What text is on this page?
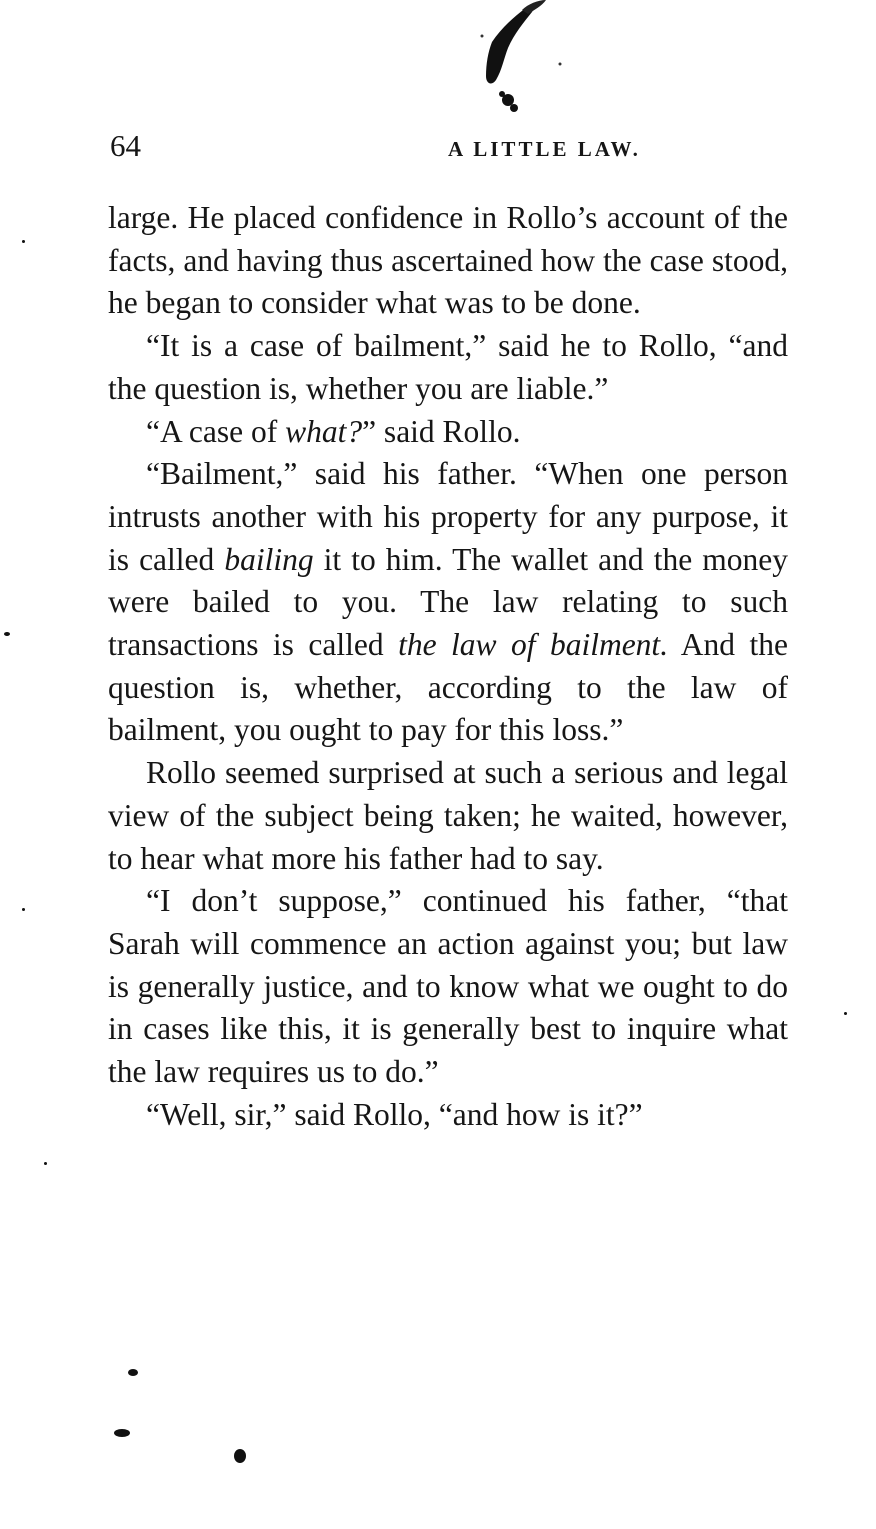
64	A LITTLE LAW.

large. He placed confidence in Rollo’s account of the facts, and having thus ascertained how the case stood, he began to consider what was to be done.

“It is a case of bailment,” said he to Rollo, “and the question is, whether you are liable.”

“A case of what?” said Rollo.

“Bailment,” said his father. “When one person intrusts another with his property for any purpose, it is called bailing it to him. The wallet and the money were bailed to you. The law relating to such transactions is called the law of bailment. And the question is, whether, according to the law of bailment, you ought to pay for this loss.”

Rollo seemed surprised at such a serious and legal view of the subject being taken; he waited, however, to hear what more his father had to say.

“I don’t suppose,” continued his father, “that Sarah will commence an action against you; but law is generally justice, and to know what we ought to do in cases like this, it is generally best to inquire what the law requires us to do.”

“Well, sir,” said Rollo, “and how is it?”
